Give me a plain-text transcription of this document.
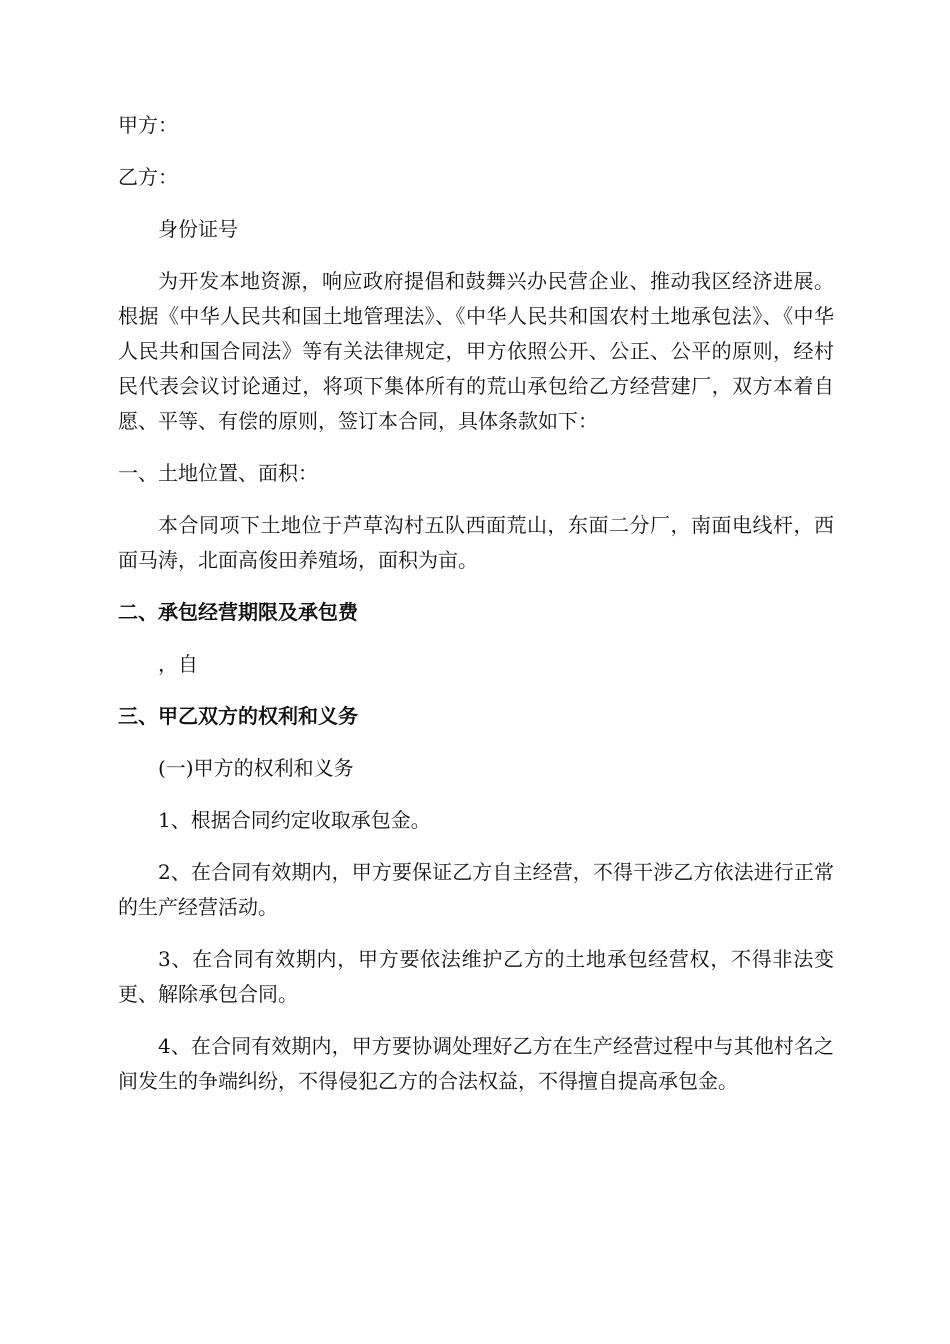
甲方：

乙方：

身份证号

为开发本地资源，响应政府提倡和鼓舞兴办民营企业、推动我区经济进展。根据《中华人民共和国土地管理法》、《中华人民共和国农村土地承包法》、《中华人民共和国合同法》等有关法律规定，甲方依照公开、公正、公平的原则，经村民代表会议讨论通过，将项下集体所有的荒山承包给乙方经营建厂，双方本着自愿、平等、有偿的原则，签订本合同，具体条款如下：

一、土地位置、面积：

本合同项下土地位于芦草沟村五队西面荒山，东面二分厂，南面电线杆，西面马涛，北面高俊田养殖场，面积为亩。

二、承包经营期限及承包费

，自

三、甲乙双方的权利和义务

(一)甲方的权利和义务

1、根据合同约定收取承包金。

2、在合同有效期内，甲方要保证乙方自主经营，不得干涉乙方依法进行正常的生产经营活动。

3、在合同有效期内，甲方要依法维护乙方的土地承包经营权，不得非法变更、解除承包合同。

4、在合同有效期内，甲方要协调处理好乙方在生产经营过程中与其他村名之间发生的争端纠纷，不得侵犯乙方的合法权益，不得擅自提高承包金。
